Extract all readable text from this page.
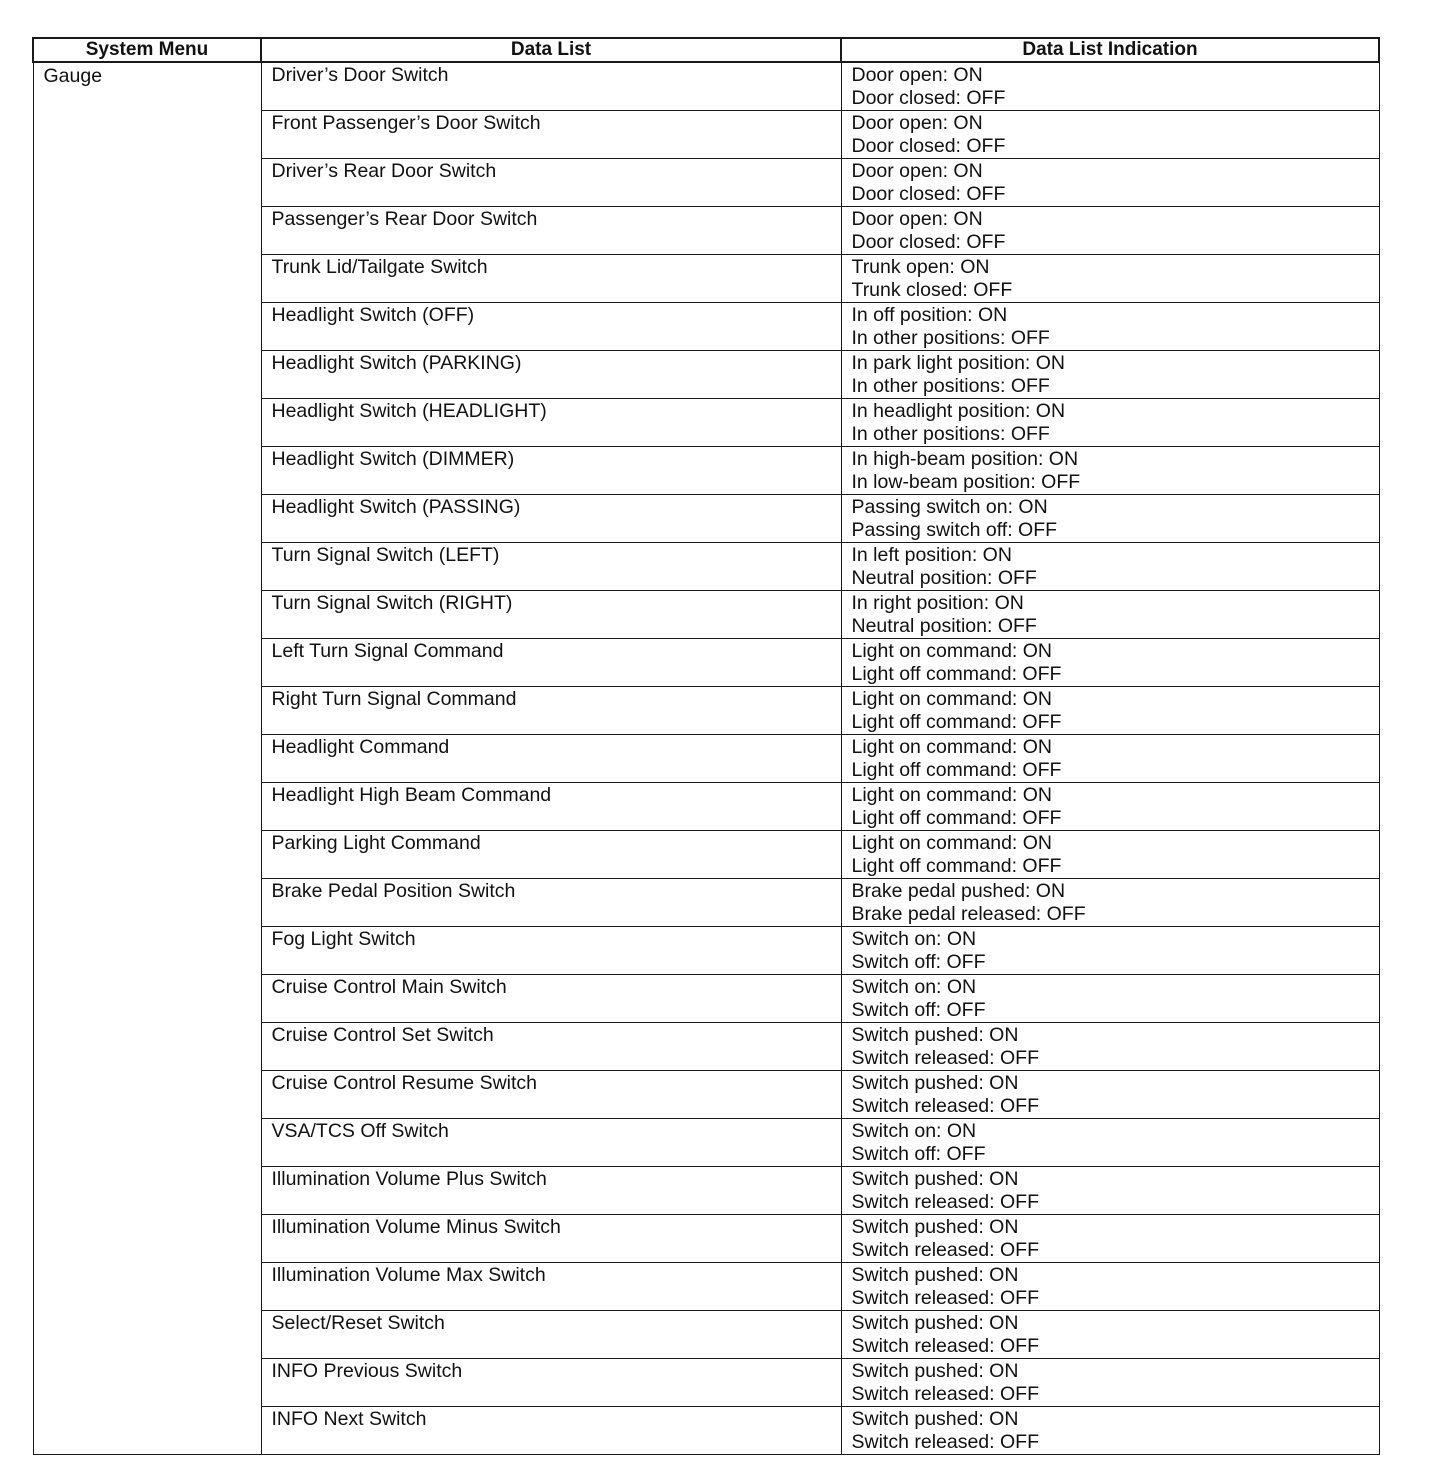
System Menu	Data List	Data List Indication
Gauge	Driver’s Door Switch	Door open: ON
Door closed: OFF

	Front Passenger’s Door Switch	Door open: ON
Door closed: OFF

	Driver’s Rear Door Switch	Door open: ON
Door closed: OFF

	Passenger’s Rear Door Switch	Door open: ON
Door closed: OFF

	Trunk Lid/Tailgate Switch	Trunk open: ON
Trunk closed: OFF

	Headlight Switch (OFF)	In off position: ON
In other positions: OFF

	Headlight Switch (PARKING)	In park light position: ON
In other positions: OFF

	Headlight Switch (HEADLIGHT)	In headlight position: ON
In other positions: OFF

	Headlight Switch (DIMMER)	In high-beam position: ON
In low-beam position: OFF

	Headlight Switch (PASSING)	Passing switch on: ON
Passing switch off: OFF

	Turn Signal Switch (LEFT)	In left position: ON
Neutral position: OFF

	Turn Signal Switch (RIGHT)	In right position: ON
Neutral position: OFF

	Left Turn Signal Command	Light on command: ON
Light off command: OFF

	Right Turn Signal Command	Light on command: ON
Light off command: OFF

	Headlight Command	Light on command: ON
Light off command: OFF

	Headlight High Beam Command	Light on command: ON
Light off command: OFF

	Parking Light Command	Light on command: ON
Light off command: OFF

	Brake Pedal Position Switch	Brake pedal pushed: ON
Brake pedal released: OFF

	Fog Light Switch	Switch on: ON
Switch off: OFF

	Cruise Control Main Switch	Switch on: ON
Switch off: OFF

	Cruise Control Set Switch	Switch pushed: ON
Switch released: OFF

	Cruise Control Resume Switch	Switch pushed: ON
Switch released: OFF

	VSA/TCS Off Switch	Switch on: ON
Switch off: OFF

	Illumination Volume Plus Switch	Switch pushed: ON
Switch released: OFF

	Illumination Volume Minus Switch	Switch pushed: ON
Switch released: OFF

	Illumination Volume Max Switch	Switch pushed: ON
Switch released: OFF

	Select/Reset Switch	Switch pushed: ON
Switch released: OFF

	INFO Previous Switch	Switch pushed: ON
Switch released: OFF

	INFO Next Switch	Switch pushed: ON
Switch released: OFF
